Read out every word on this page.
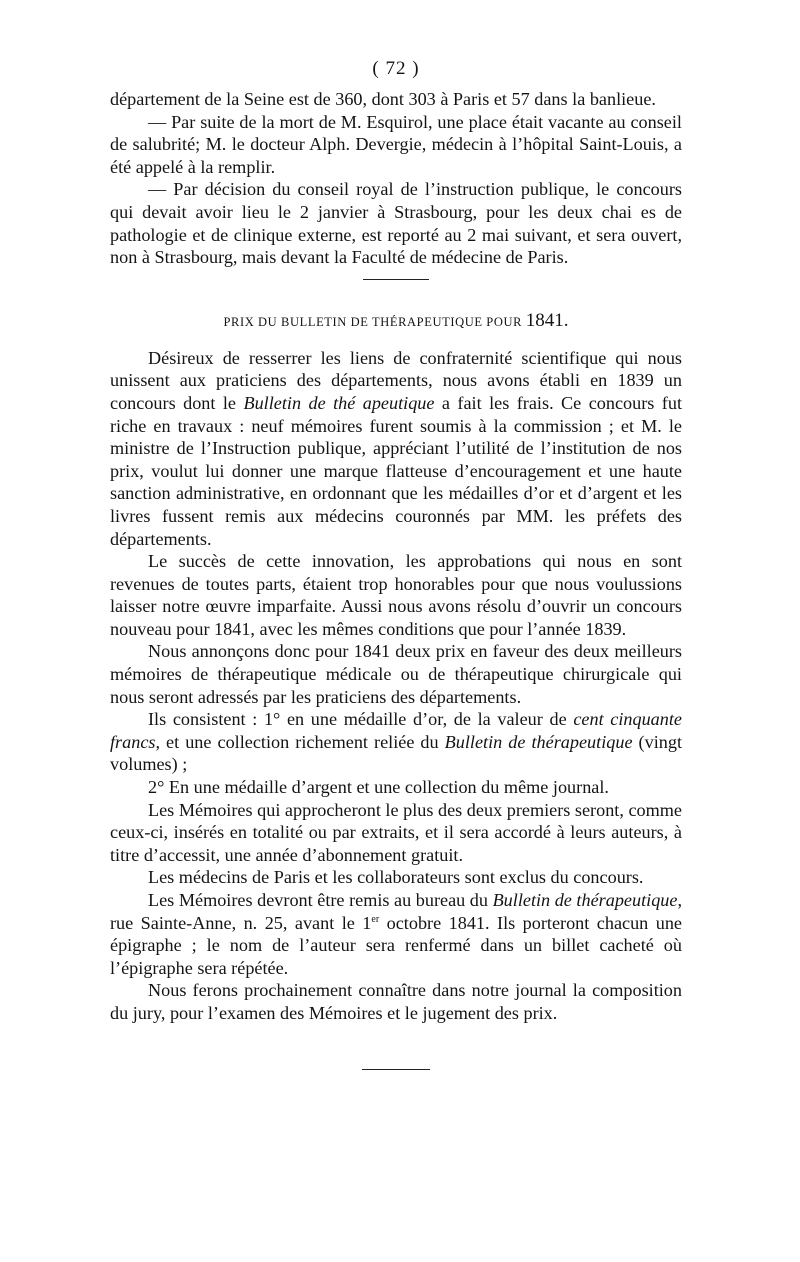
( 72 )

département de la Seine est de 360, dont 303 à Paris et 57 dans la banlieue.

— Par suite de la mort de M. Esquirol, une place était vacante au conseil de salubrité; M. le docteur Alph. Devergie, médecin à l’hôpital Saint-Louis, a été appelé à la remplir.

— Par décision du conseil royal de l’instruction publique, le concours qui devait avoir lieu le 2 janvier à Strasbourg, pour les deux chai es de pathologie et de clinique externe, est reporté au 2 mai suivant, et sera ouvert, non à Strasbourg, mais devant la Faculté de médecine de Paris.

PRIX DU BULLETIN DE THÉRAPEUTIQUE POUR 1841.

Désireux de resserrer les liens de confraternité scientifique qui nous unissent aux praticiens des départements, nous avons établi en 1839 un concours dont le Bulletin de thé apeutique a fait les frais. Ce concours fut riche en travaux : neuf mémoires furent soumis à la commission ; et M. le ministre de l’Instruction publique, appréciant l’utilité de l’institution de nos prix, voulut lui donner une marque flatteuse d’encouragement et une haute sanction administrative, en ordonnant que les médailles d’or et d’argent et les livres fussent remis aux médecins couronnés par MM. les préfets des départements.

Le succès de cette innovation, les approbations qui nous en sont revenues de toutes parts, étaient trop honorables pour que nous voulussions laisser notre œuvre imparfaite. Aussi nous avons résolu d’ouvrir un concours nouveau pour 1841, avec les mêmes conditions que pour l’année 1839.

Nous annonçons donc pour 1841 deux prix en faveur des deux meilleurs mémoires de thérapeutique médicale ou de thérapeutique chirurgicale qui nous seront adressés par les praticiens des départements.

Ils consistent : 1° en une médaille d’or, de la valeur de cent cinquante francs, et une collection richement reliée du Bulletin de thérapeutique (vingt volumes) ;

2° En une médaille d’argent et une collection du même journal.

Les Mémoires qui approcheront le plus des deux premiers seront, comme ceux-ci, insérés en totalité ou par extraits, et il sera accordé à leurs auteurs, à titre d’accessit, une année d’abonnement gratuit.

Les médecins de Paris et les collaborateurs sont exclus du concours.

Les Mémoires devront être remis au bureau du Bulletin de thérapeutique, rue Sainte-Anne, n. 25, avant le 1er octobre 1841. Ils porteront chacun une épigraphe ; le nom de l’auteur sera renfermé dans un billet cacheté où l’épigraphe sera répétée.

Nous ferons prochainement connaître dans notre journal la composition du jury, pour l’examen des Mémoires et le jugement des prix.
